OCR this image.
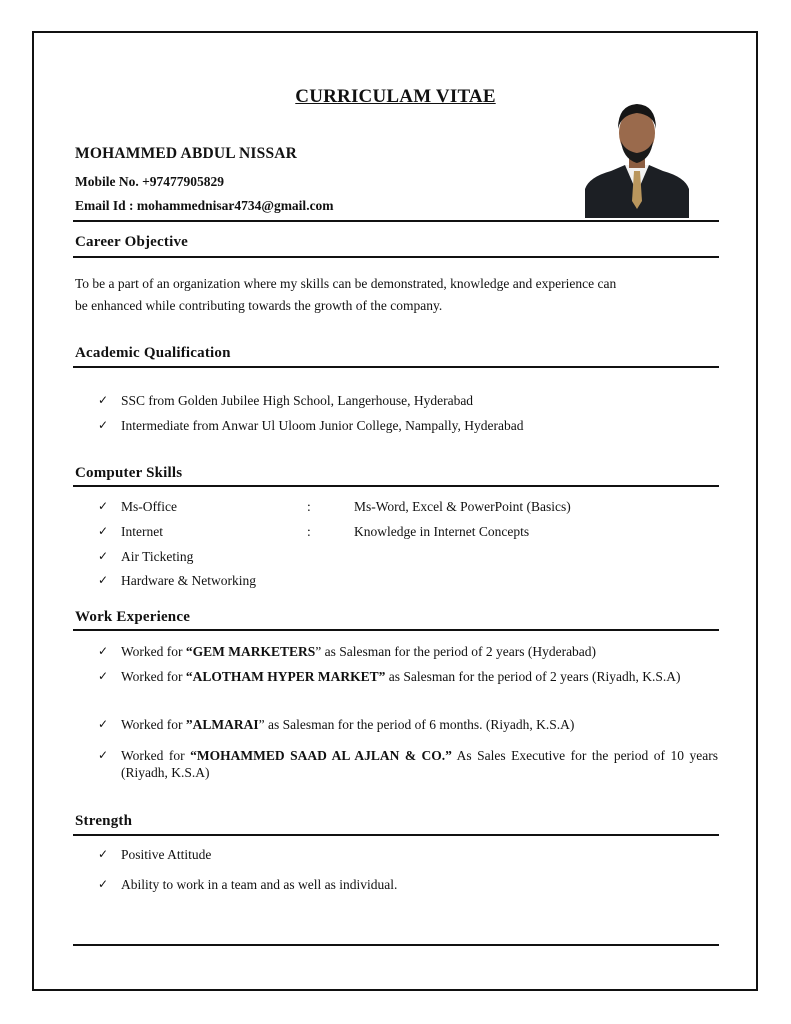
CURRICULAM VITAE
MOHAMMED ABDUL NISSAR
Mobile No. +97477905829
Email Id : mohammednisar4734@gmail.com
Career Objective
To be a part of an organization where my skills can be demonstrated, knowledge and experience can
be enhanced while contributing towards the growth of the company.
Academic Qualification
✓ SSC from Golden Jubilee High School, Langerhouse, Hyderabad
✓ Intermediate from Anwar Ul Uloom Junior College, Nampally, Hyderabad
Computer Skills
✓ Ms-Office	:	Ms-Word, Excel & PowerPoint (Basics)
✓ Internet	:	Knowledge in Internet Concepts
✓ Air Ticketing
✓ Hardware & Networking
Work Experience
✓ Worked for “GEM MARKETERS” as Salesman for the period of 2 years (Hyderabad)
✓ Worked for “ALOTHAM HYPER MARKET” as Salesman for the period of 2 years (Riyadh, K.S.A)
✓ Worked for ”ALMARAI” as Salesman for the period of 6 months. (Riyadh, K.S.A)
✓ Worked for “MOHAMMED SAAD AL AJLAN & CO.” As Sales Executive for the period of 10 years (Riyadh, K.S.A)
Strength
✓ Positive Attitude
✓ Ability to work in a team and as well as individual.
